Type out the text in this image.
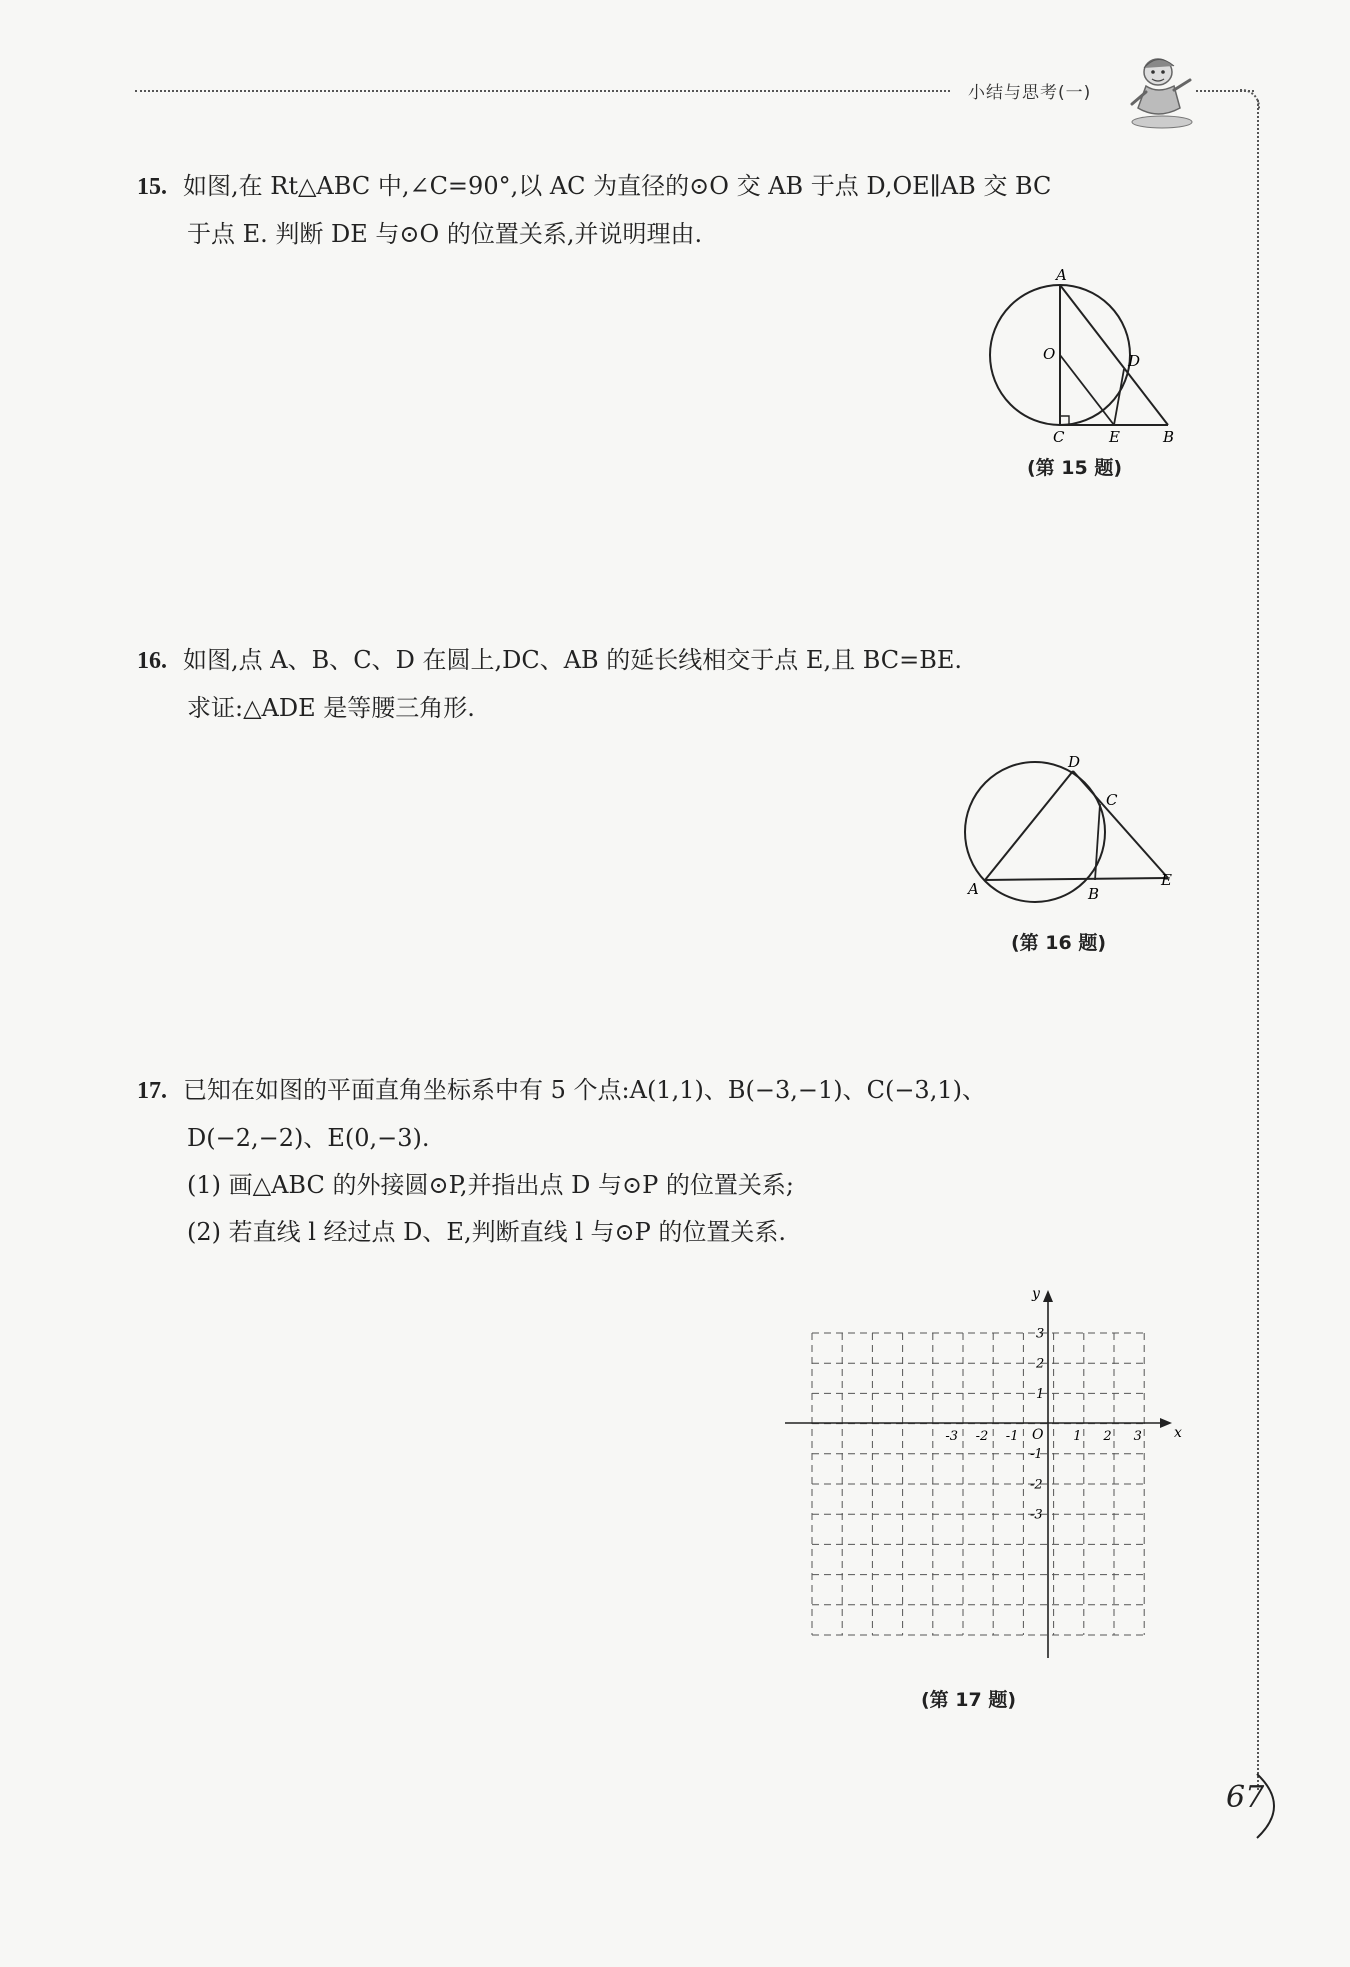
小结与思考(一)
15. 如图,在 Rt△ABC 中,∠C=90°,以 AC 为直径的⊙O 交 AB 于点 D,OE∥AB 交 BC
于点 E. 判断 DE 与⊙O 的位置关系,并说明理由.
A
O	D
C	E	B
(第 15 题)
16. 如图,点 A、B、C、D 在圆上,DC、AB 的延长线相交于点 E,且 BC=BE.
求证:△ADE 是等腰三角形.
D
C
A	B
E
(第 16 题)
17. 已知在如图的平面直角坐标系中有 5 个点:A(1,1)、B(−3,−1)、C(−3,1)、
D(−2,−2)、E(0,−3).
(1) 画△ABC 的外接圆⊙P,并指出点 D 与⊙P 的位置关系;
(2) 若直线 l 经过点 D、E,判断直线 l 与⊙P 的位置关系.
x
y
O
-3 -2 -1	1 2 3
3
2
1
-1
-2
-3
(第 17 题)
67
